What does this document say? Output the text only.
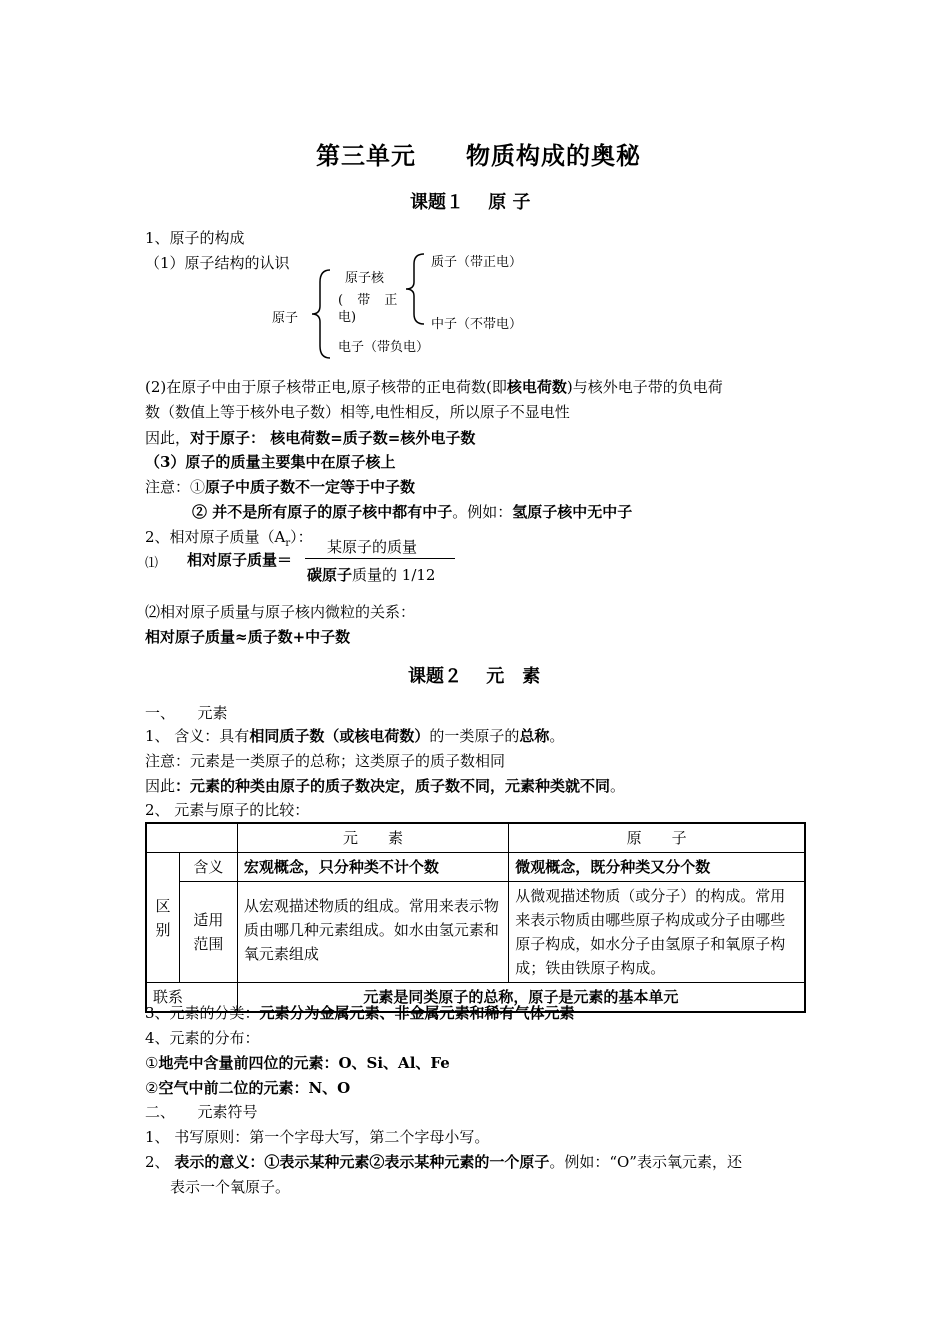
第三单元　　物质构成的奥秘
课题１　 原 子
1、原子的构成
（1）原子结构的认识
原子
原子核
( 带 正
电)
质子（带正电）
中子（不带电）
电子（带负电）
(2)在原子中由于原子核带正电,原子核带的正电荷数(即核电荷数)与核外电子带的负电荷
数（数值上等于核外电子数）相等,电性相反，所以原子不显电性
因此，对于原子： 核电荷数=质子数=核外电子数
（3）原子的质量主要集中在原子核上
注意：①原子中质子数不一定等于中子数
② 并不是所有原子的原子核中都有中子。例如：氢原子核中无中子
2、相对原子质量$(A_r)$：
⑴ 相对原子质量＝
某原子的质量
碳原子质量的 1/12
⑵相对原子质量与原子核内微粒的关系：
相对原子质量≈质子数+中子数
课题２　 元　素
一、　　元素
1、 含义：具有相同质子数（或核电荷数）的一类原子的总称。
注意：元素是一类原子的总称；这类原子的质子数相同
因此：元素的种类由原子的质子数决定，质子数不同，元素种类就不同。
2、 元素与原子的比较：
		元　　素	原　　子
区别	含义	宏观概念，只分种类不计个数	微观概念，既分种类又分个数
	适用范围	从宏观描述物质的组成。常用来表示物质由哪几种元素组成。如水由氢元素和氧元素组成	从微观描述物质（或分子）的构成。常用来表示物质由哪些原子构成或分子由哪些原子构成，如水分子由氢原子和氧原子构成；铁由铁原子构成。
联系		元素是同类原子的总称，原子是元素的基本单元	
3、元素的分类：元素分为金属元素、非金属元素和稀有气体元素
4、元素的分布：
①地壳中含量前四位的元素：O、Si、Al、Fe
②空气中前二位的元素：N、O
二、　　元素符号
1、 书写原则：第一个字母大写，第二个字母小写。
2、 表示的意义：①表示某种元素②表示某种元素的一个原子。例如：“O”表示氧元素，还
表示一个氧原子。
